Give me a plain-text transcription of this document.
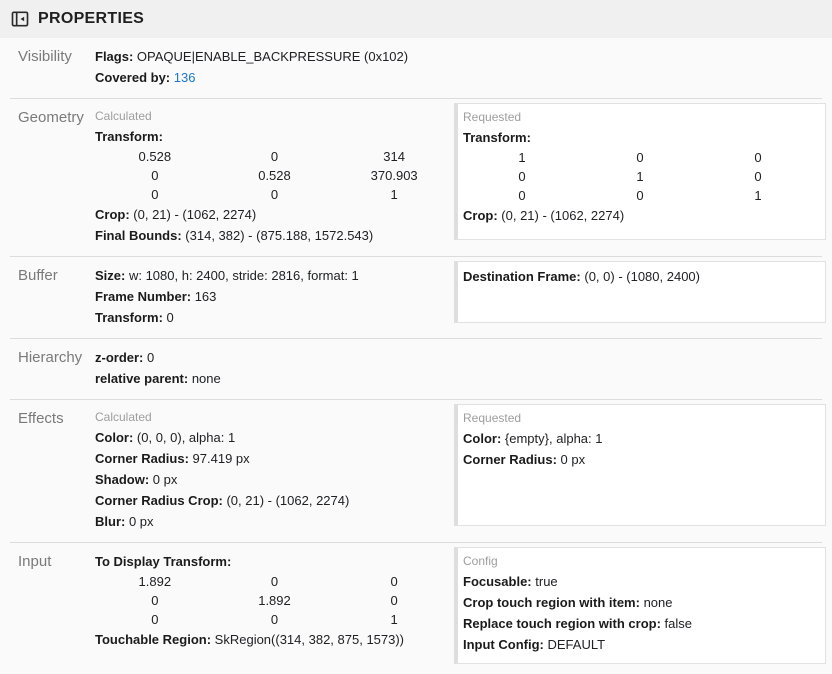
PROPERTIES
Visibility	Flags: OPAQUE|ENABLE_BACKPRESSURE (0x102)
Covered by: 136
Geometry Calculated
Transform:
0.528	0	314
0	0.528	370.903
0	0	1
Crop: (0, 21) - (1062, 2274)
Final Bounds: (314, 382) - (875.188, 1572.543)
Requested
Transform:
1	0	0
0	1	0
0	0	1
Crop: (0, 21) - (1062, 2274)
Buffer	Size: w: 1080, h: 2400, stride: 2816, format: 1
Frame Number: 163
Transform: 0
Destination Frame: (0, 0) - (1080, 2400)
Hierarchy z-order: 0
relative parent: none
Effects	Calculated
Color: (0, 0, 0), alpha: 1
Corner Radius: 97.419 px
Shadow: 0 px
Corner Radius Crop: (0, 21) - (1062, 2274)
Blur: 0 px
Requested
Color: {empty}, alpha: 1
Corner Radius: 0 px
Input	To Display Transform:
1.892	0	0
0	1.892	0
0	0	1
Touchable Region: SkRegion((314, 382, 875, 1573))
Config
Focusable: true
Crop touch region with item: none
Replace touch region with crop: false
Input Config: DEFAULT
